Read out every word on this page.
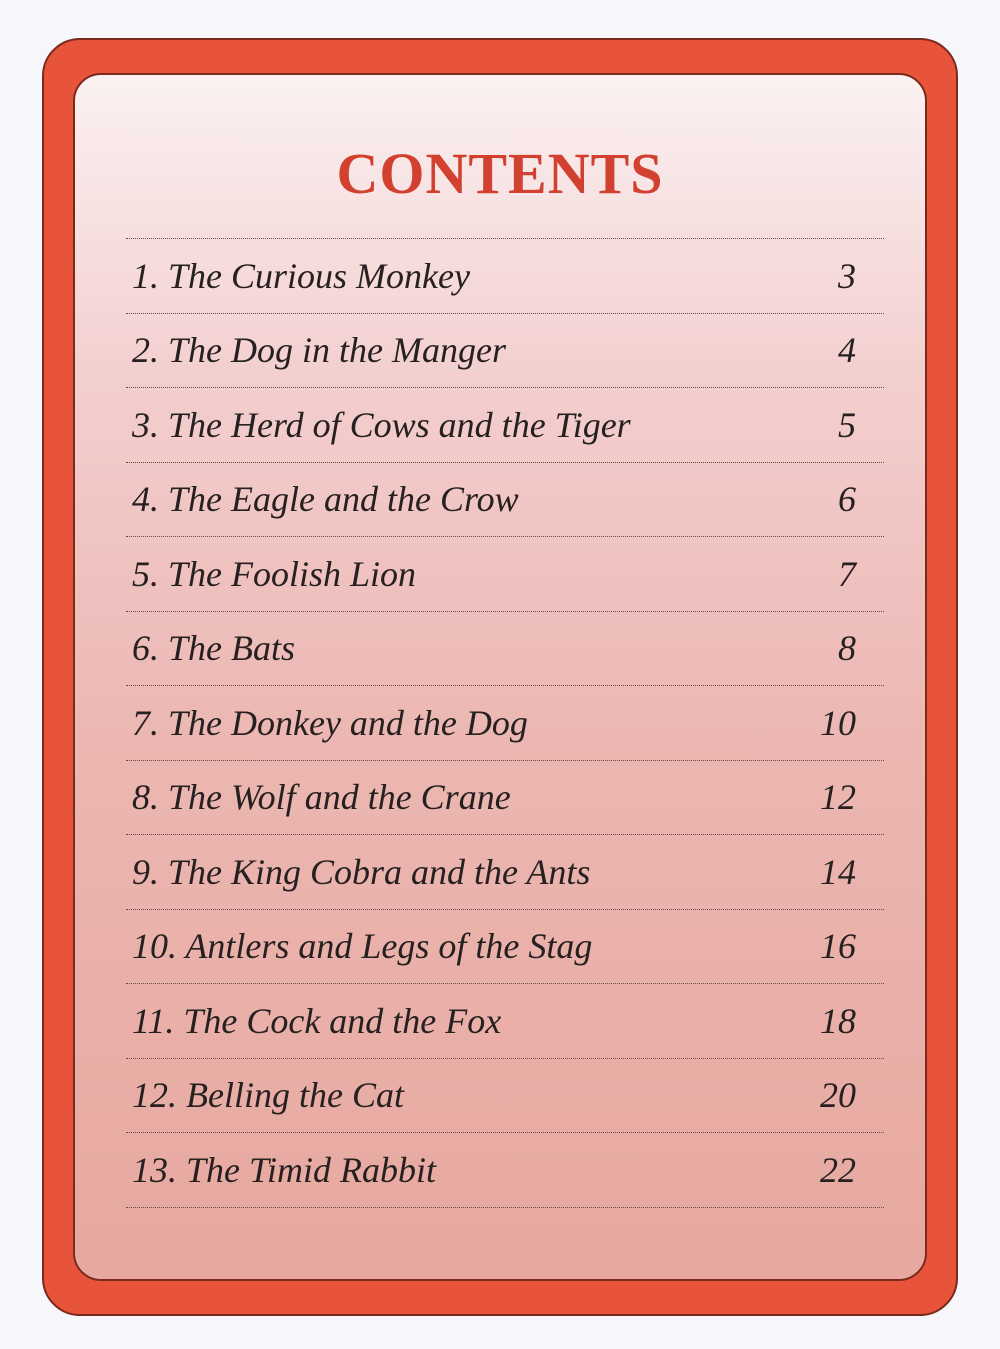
CONTENTS
1. The Curious Monkey	3
2. The Dog in the Manger	4
3. The Herd of Cows and the Tiger	5
4. The Eagle and the Crow	6
5. The Foolish Lion	7
6. The Bats	8
7. The Donkey and the Dog	10
8. The Wolf and the Crane	12
9. The King Cobra and the Ants	14
10. Antlers and Legs of the Stag	16
11. The Cock and the Fox	18
12. Belling the Cat	20
13. The Timid Rabbit	22
